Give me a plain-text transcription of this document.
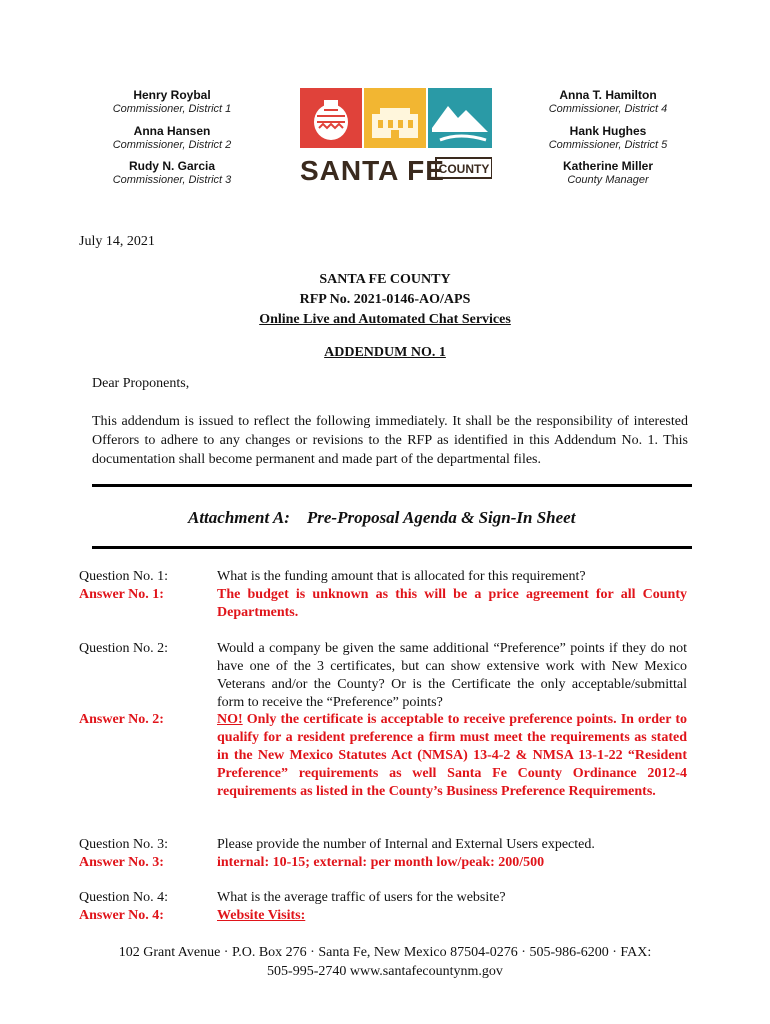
Henry Roybal
Commissioner, District 1
Anna Hansen
Commissioner, District 2
Rudy N. Garcia
Commissioner, District 3
Anna T. Hamilton
Commissioner, District 4
Hank Hughes
Commissioner, District 5
Katherine Miller
County Manager
SANTA FE
COUNTY
July 14, 2021
SANTA FE COUNTY
RFP No. 2021-0146-AO/APS
Online Live and Automated Chat Services
ADDENDUM NO. 1
Dear Proponents,
This addendum is issued to reflect the following immediately. It shall be the responsibility of interested Offerors to adhere to any changes or revisions to the RFP as identified in this Addendum No. 1. This documentation shall become permanent and made part of the departmental files.
Attachment A: Pre-Proposal Agenda & Sign-In Sheet
Question No. 1:
Answer No. 1:
What is the funding amount that is allocated for this requirement?
The budget is unknown as this will be a price agreement for all County Departments.
Question No. 2:	Would a company be given the same additional “Preference” points if they do not have one of the 3 certificates, but can show extensive work with New Mexico Veterans and/or the County? Or is the Certificate the only acceptable/submittal form to receive the “Preference” points?
Answer No. 2:	NO! Only the certificate is acceptable to receive preference points. In order to qualify for a resident preference a firm must meet the requirements as stated in the New Mexico Statutes Act (NMSA) 13-4-2 & NMSA 13-1-22 “Resident Preference” requirements as well Santa Fe County Ordinance 2012-4 requirements as listed in the County’s Business Preference Requirements.
Question No. 3:
Answer No. 3:
Please provide the number of Internal and External Users expected.
internal: 10-15; external: per month low/peak: 200/500
Question No. 4:
Answer No. 4:
What is the average traffic of users for the website?
Website Visits:
102 Grant Avenue · P.O. Box 276 · Santa Fe, New Mexico 87504-0276 · 505-986-6200 · FAX:
505-995-2740 www.santafecountynm.gov
